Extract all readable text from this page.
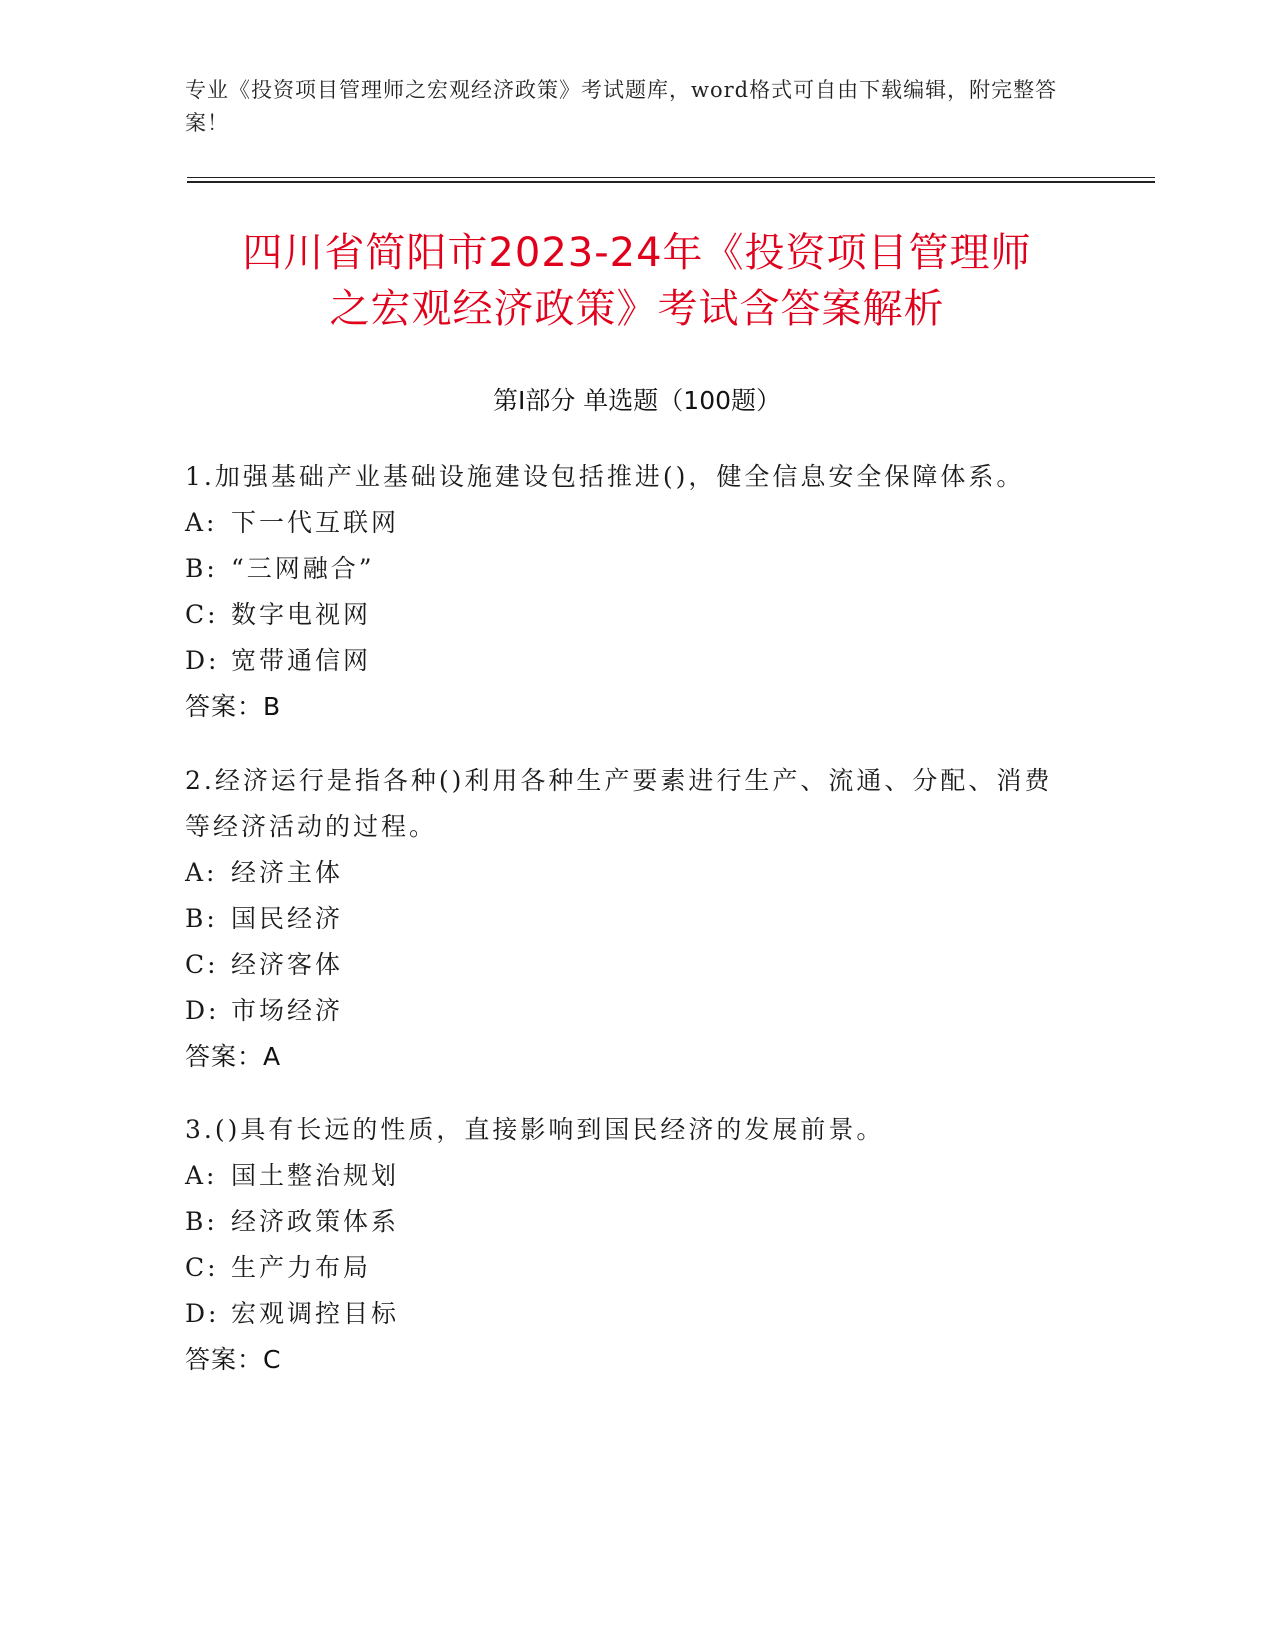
专业《投资项目管理师之宏观经济政策》考试题库，word格式可自由下载编辑，附完整答案！
四川省简阳市2023-24年《投资项目管理师
之宏观经济政策》考试含答案解析
第Ⅰ部分 单选题（100题）
1.加强基础产业基础设施建设包括推进()，健全信息安全保障体系。
A: 下一代互联网
B: “三网融合”
C: 数字电视网
D: 宽带通信网
答案：B
2.经济运行是指各种()利用各种生产要素进行生产、流通、分配、消费等经济活动的过程。
A: 经济主体
B: 国民经济
C: 经济客体
D: 市场经济
答案：A
3.()具有长远的性质，直接影响到国民经济的发展前景。
A: 国土整治规划
B: 经济政策体系
C: 生产力布局
D: 宏观调控目标
答案：C
